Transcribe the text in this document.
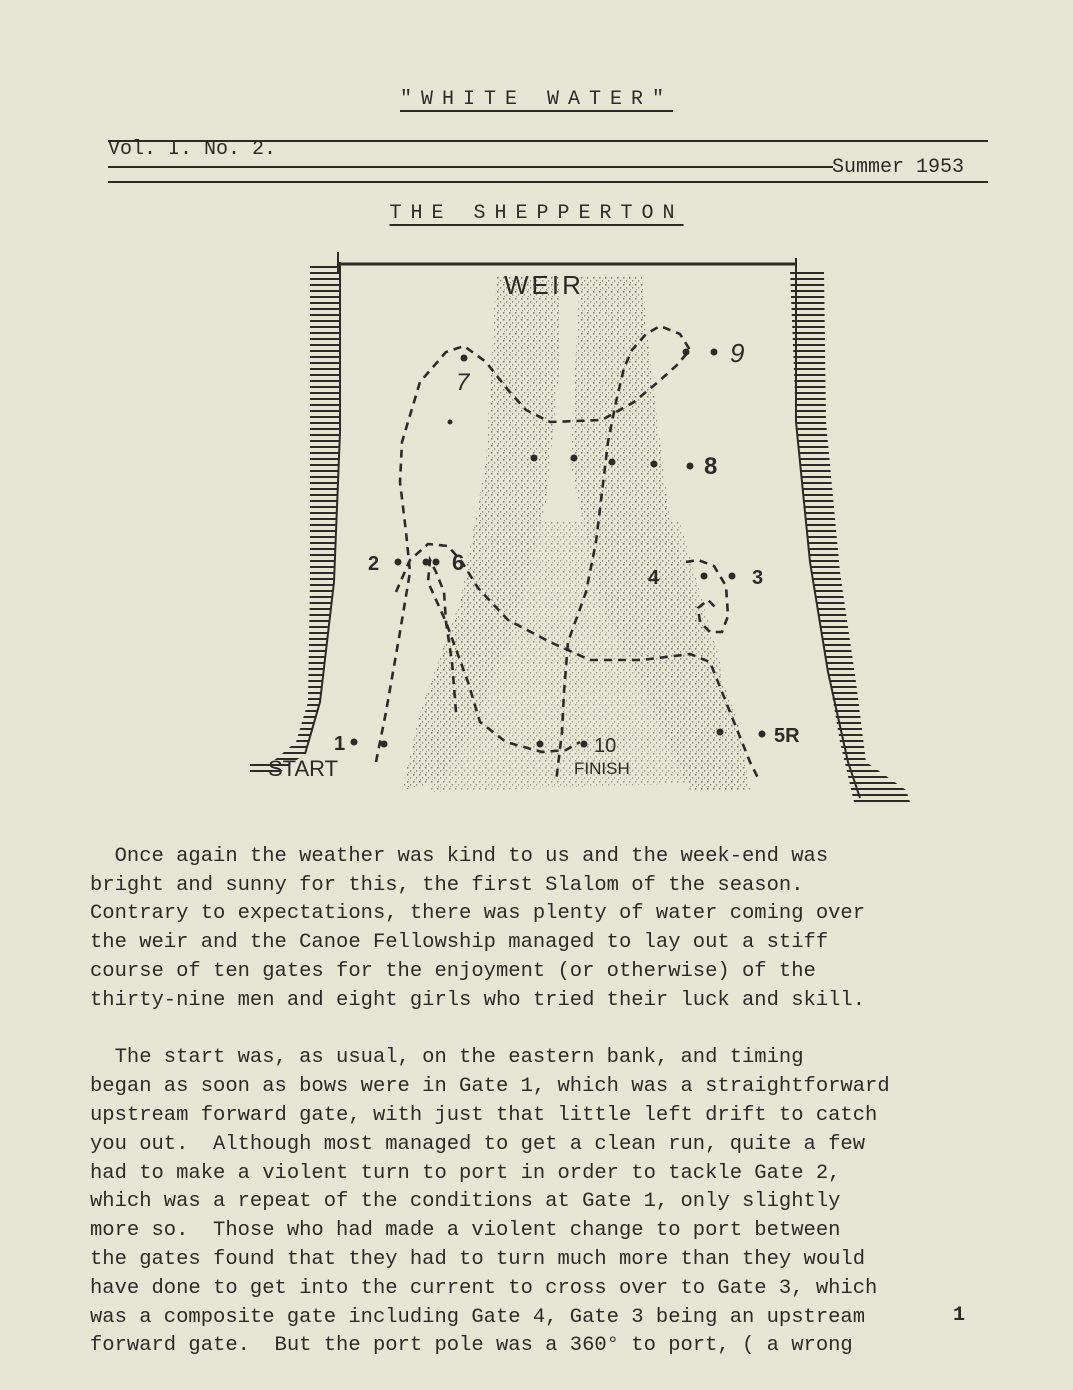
"WHITE WATER"
Vol. I. No. 2.
Summer 1953
THE SHEPPERTON
WEIR
START	FINISH
1
2
3
4
5R
6
7
8
9
10

Once again the weather was kind to us and the week-end was
bright and sunny for this, the first Slalom of the season.
Contrary to expectations, there was plenty of water coming over
the weir and the Canoe Fellowship managed to lay out a stiff
course of ten gates for the enjoyment (or otherwise) of the
thirty-nine men and eight girls who tried their luck and skill.

The start was, as usual, on the eastern bank, and timing
began as soon as bows were in Gate 1, which was a straightforward
upstream forward gate, with just that little left drift to catch
you out.  Although most managed to get a clean run, quite a few
had to make a violent turn to port in order to tackle Gate 2,
which was a repeat of the conditions at Gate 1, only slightly
more so.  Those who had made a violent change to port between
the gates found that they had to turn much more than they would
have done to get into the current to cross over to Gate 3, which
was a composite gate including Gate 4, Gate 3 being an upstream
forward gate.  But the port pole was a 360° to port, ( a wrong

1
